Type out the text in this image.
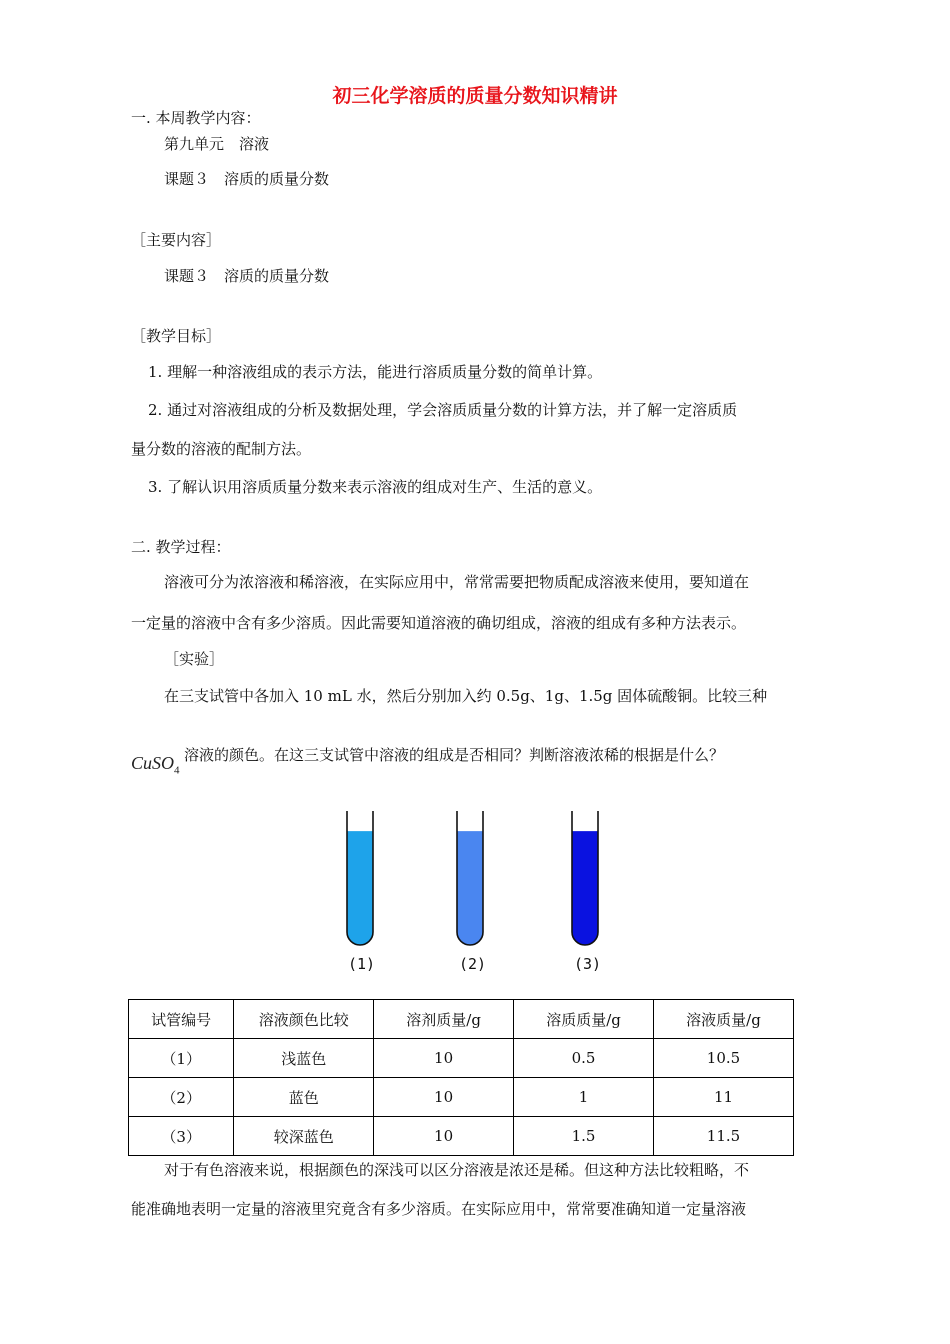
初三化学溶质的质量分数知识精讲
一. 本周教学内容：
第九单元　溶液
课题３　溶质的质量分数
［主要内容］
课题３　溶质的质量分数
［教学目标］
1. 理解一种溶液组成的表示方法，能进行溶质质量分数的简单计算。
2. 通过对溶液组成的分析及数据处理，学会溶质质量分数的计算方法，并了解一定溶质质
量分数的溶液的配制方法。
3. 了解认识用溶质质量分数来表示溶液的组成对生产、生活的意义。
二. 教学过程：
溶液可分为浓溶液和稀溶液，在实际应用中，常常需要把物质配成溶液来使用，要知道在
一定量的溶液中含有多少溶质。因此需要知道溶液的确切组成，溶液的组成有多种方法表示。
［实验］
在三支试管中各加入 10 mL 水，然后分别加入约 0.5g、1g、1.5g 固体硫酸铜。比较三种
CuSO$_4$
溶液的颜色。在这三支试管中溶液的组成是否相同？判断溶液浓稀的根据是什么？
(1)	(2)	(3)
试管编号	溶液颜色比较	溶剂质量/g	溶质质量/g	溶液质量/g
（1）	浅蓝色	10	0.5	10.5
（2）	蓝色	10	1	11
（3）	较深蓝色	10	1.5	11.5
对于有色溶液来说，根据颜色的深浅可以区分溶液是浓还是稀。但这种方法比较粗略，不
能准确地表明一定量的溶液里究竟含有多少溶质。在实际应用中，常常要准确知道一定量溶液
